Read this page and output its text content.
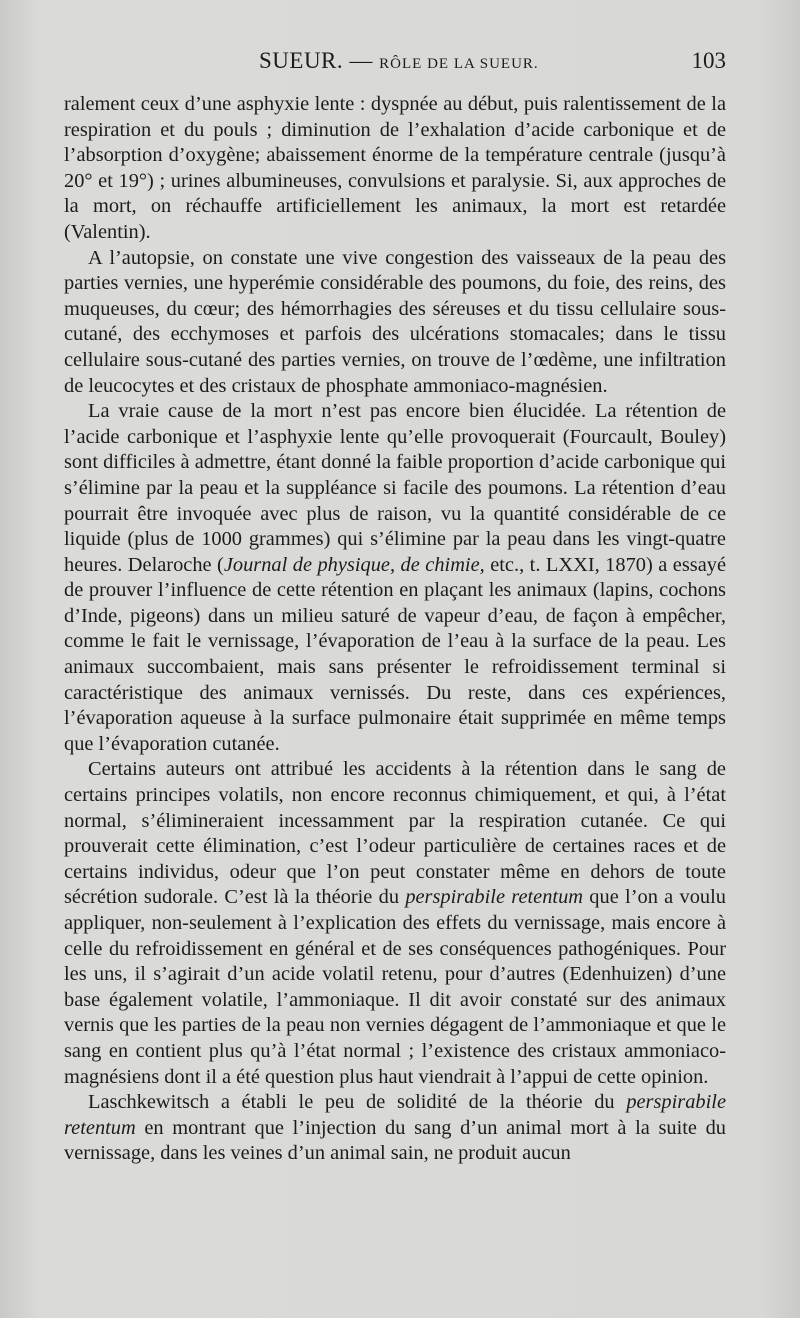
SUEUR. — RÔLE DE LA SUEUR.	103

ralement ceux d’une asphyxie lente : dyspnée au début, puis ralentissement de la respiration et du pouls ; diminution de l’exhalation d’acide carbonique et de l’absorption d’oxygène; abaissement énorme de la température centrale (jusqu’à 20° et 19°) ; urines albumineuses, convulsions et paralysie. Si, aux approches de la mort, on réchauffe artificiellement les animaux, la mort est retardée (Valentin).

A l’autopsie, on constate une vive congestion des vaisseaux de la peau des parties vernies, une hyperémie considérable des poumons, du foie, des reins, des muqueuses, du cœur; des hémorrhagies des séreuses et du tissu cellulaire sous-cutané, des ecchymoses et parfois des ulcérations stomacales; dans le tissu cellulaire sous-cutané des parties vernies, on trouve de l’œdème, une infiltration de leucocytes et des cristaux de phosphate ammoniaco-magnésien.

La vraie cause de la mort n’est pas encore bien élucidée. La rétention de l’acide carbonique et l’asphyxie lente qu’elle provoquerait (Fourcault, Bouley) sont difficiles à admettre, étant donné la faible proportion d’acide carbonique qui s’élimine par la peau et la suppléance si facile des poumons. La rétention d’eau pourrait être invoquée avec plus de raison, vu la quantité considérable de ce liquide (plus de 1000 grammes) qui s’élimine par la peau dans les vingt-quatre heures. Delaroche (Journal de physique, de chimie, etc., t. LXXI, 1870) a essayé de prouver l’influence de cette rétention en plaçant les animaux (lapins, cochons d’Inde, pigeons) dans un milieu saturé de vapeur d’eau, de façon à empêcher, comme le fait le vernissage, l’évaporation de l’eau à la surface de la peau. Les animaux succombaient, mais sans présenter le refroidissement terminal si caractéristique des animaux vernissés. Du reste, dans ces expériences, l’évaporation aqueuse à la surface pulmonaire était supprimée en même temps que l’évaporation cutanée.

Certains auteurs ont attribué les accidents à la rétention dans le sang de certains principes volatils, non encore reconnus chimiquement, et qui, à l’état normal, s’élimineraient incessamment par la respiration cutanée. Ce qui prouverait cette élimination, c’est l’odeur particulière de certaines races et de certains individus, odeur que l’on peut constater même en dehors de toute sécrétion sudorale. C’est là la théorie du perspirabile retentum que l’on a voulu appliquer, non-seulement à l’explication des effets du vernissage, mais encore à celle du refroidissement en général et de ses conséquences pathogéniques. Pour les uns, il s’agirait d’un acide volatil retenu, pour d’autres (Edenhuizen) d’une base également volatile, l’ammoniaque. Il dit avoir constaté sur des animaux vernis que les parties de la peau non vernies dégagent de l’ammoniaque et que le sang en contient plus qu’à l’état normal ; l’existence des cristaux ammoniaco-magnésiens dont il a été question plus haut viendrait à l’appui de cette opinion.

Laschkewitsch a établi le peu de solidité de la théorie du perspirabile retentum en montrant que l’injection du sang d’un animal mort à la suite du vernissage, dans les veines d’un animal sain, ne produit aucun
